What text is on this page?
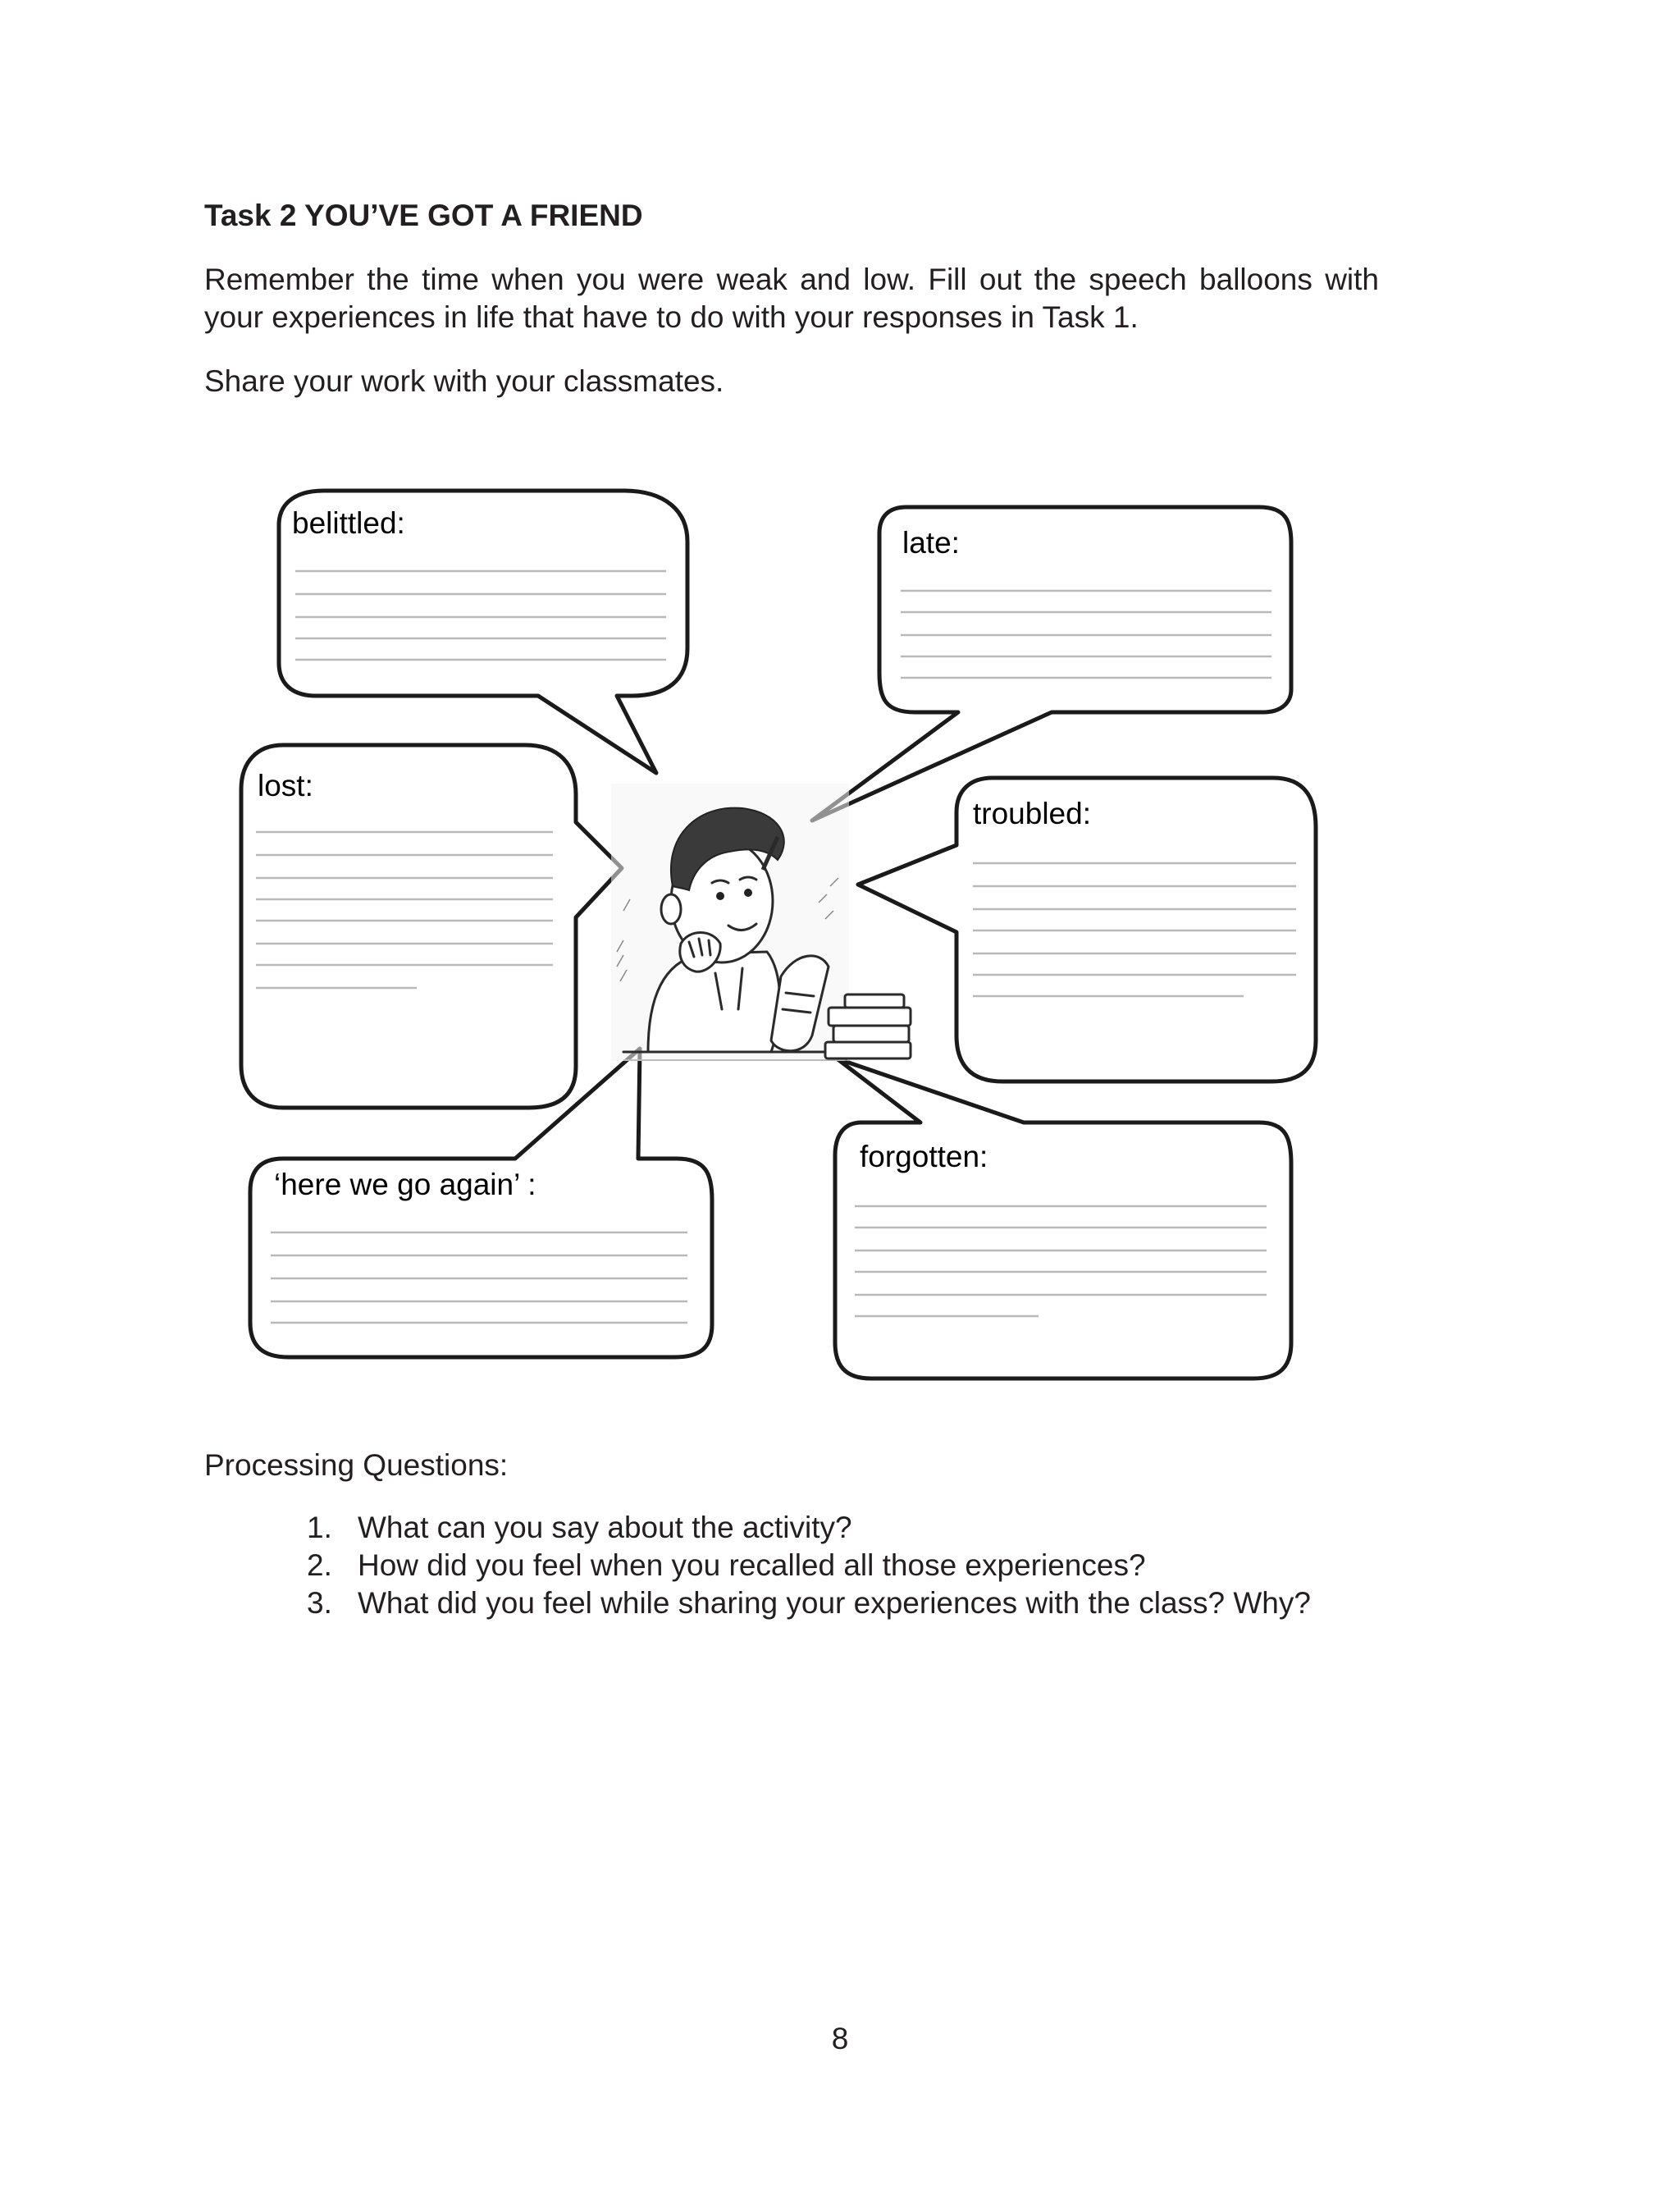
Task 2 YOU’VE GOT A FRIEND
Remember the time when you were weak and low. Fill out the speech balloons with your experiences in life that have to do with your responses in Task 1.
Share your work with your classmates.
belittled:
late:
lost:
troubled:
‘here we go again’ :
forgotten:
Processing Questions:
1. What can you say about the activity?
2. How did you feel when you recalled all those experiences?
3. What did you feel while sharing your experiences with the class? Why?
8
